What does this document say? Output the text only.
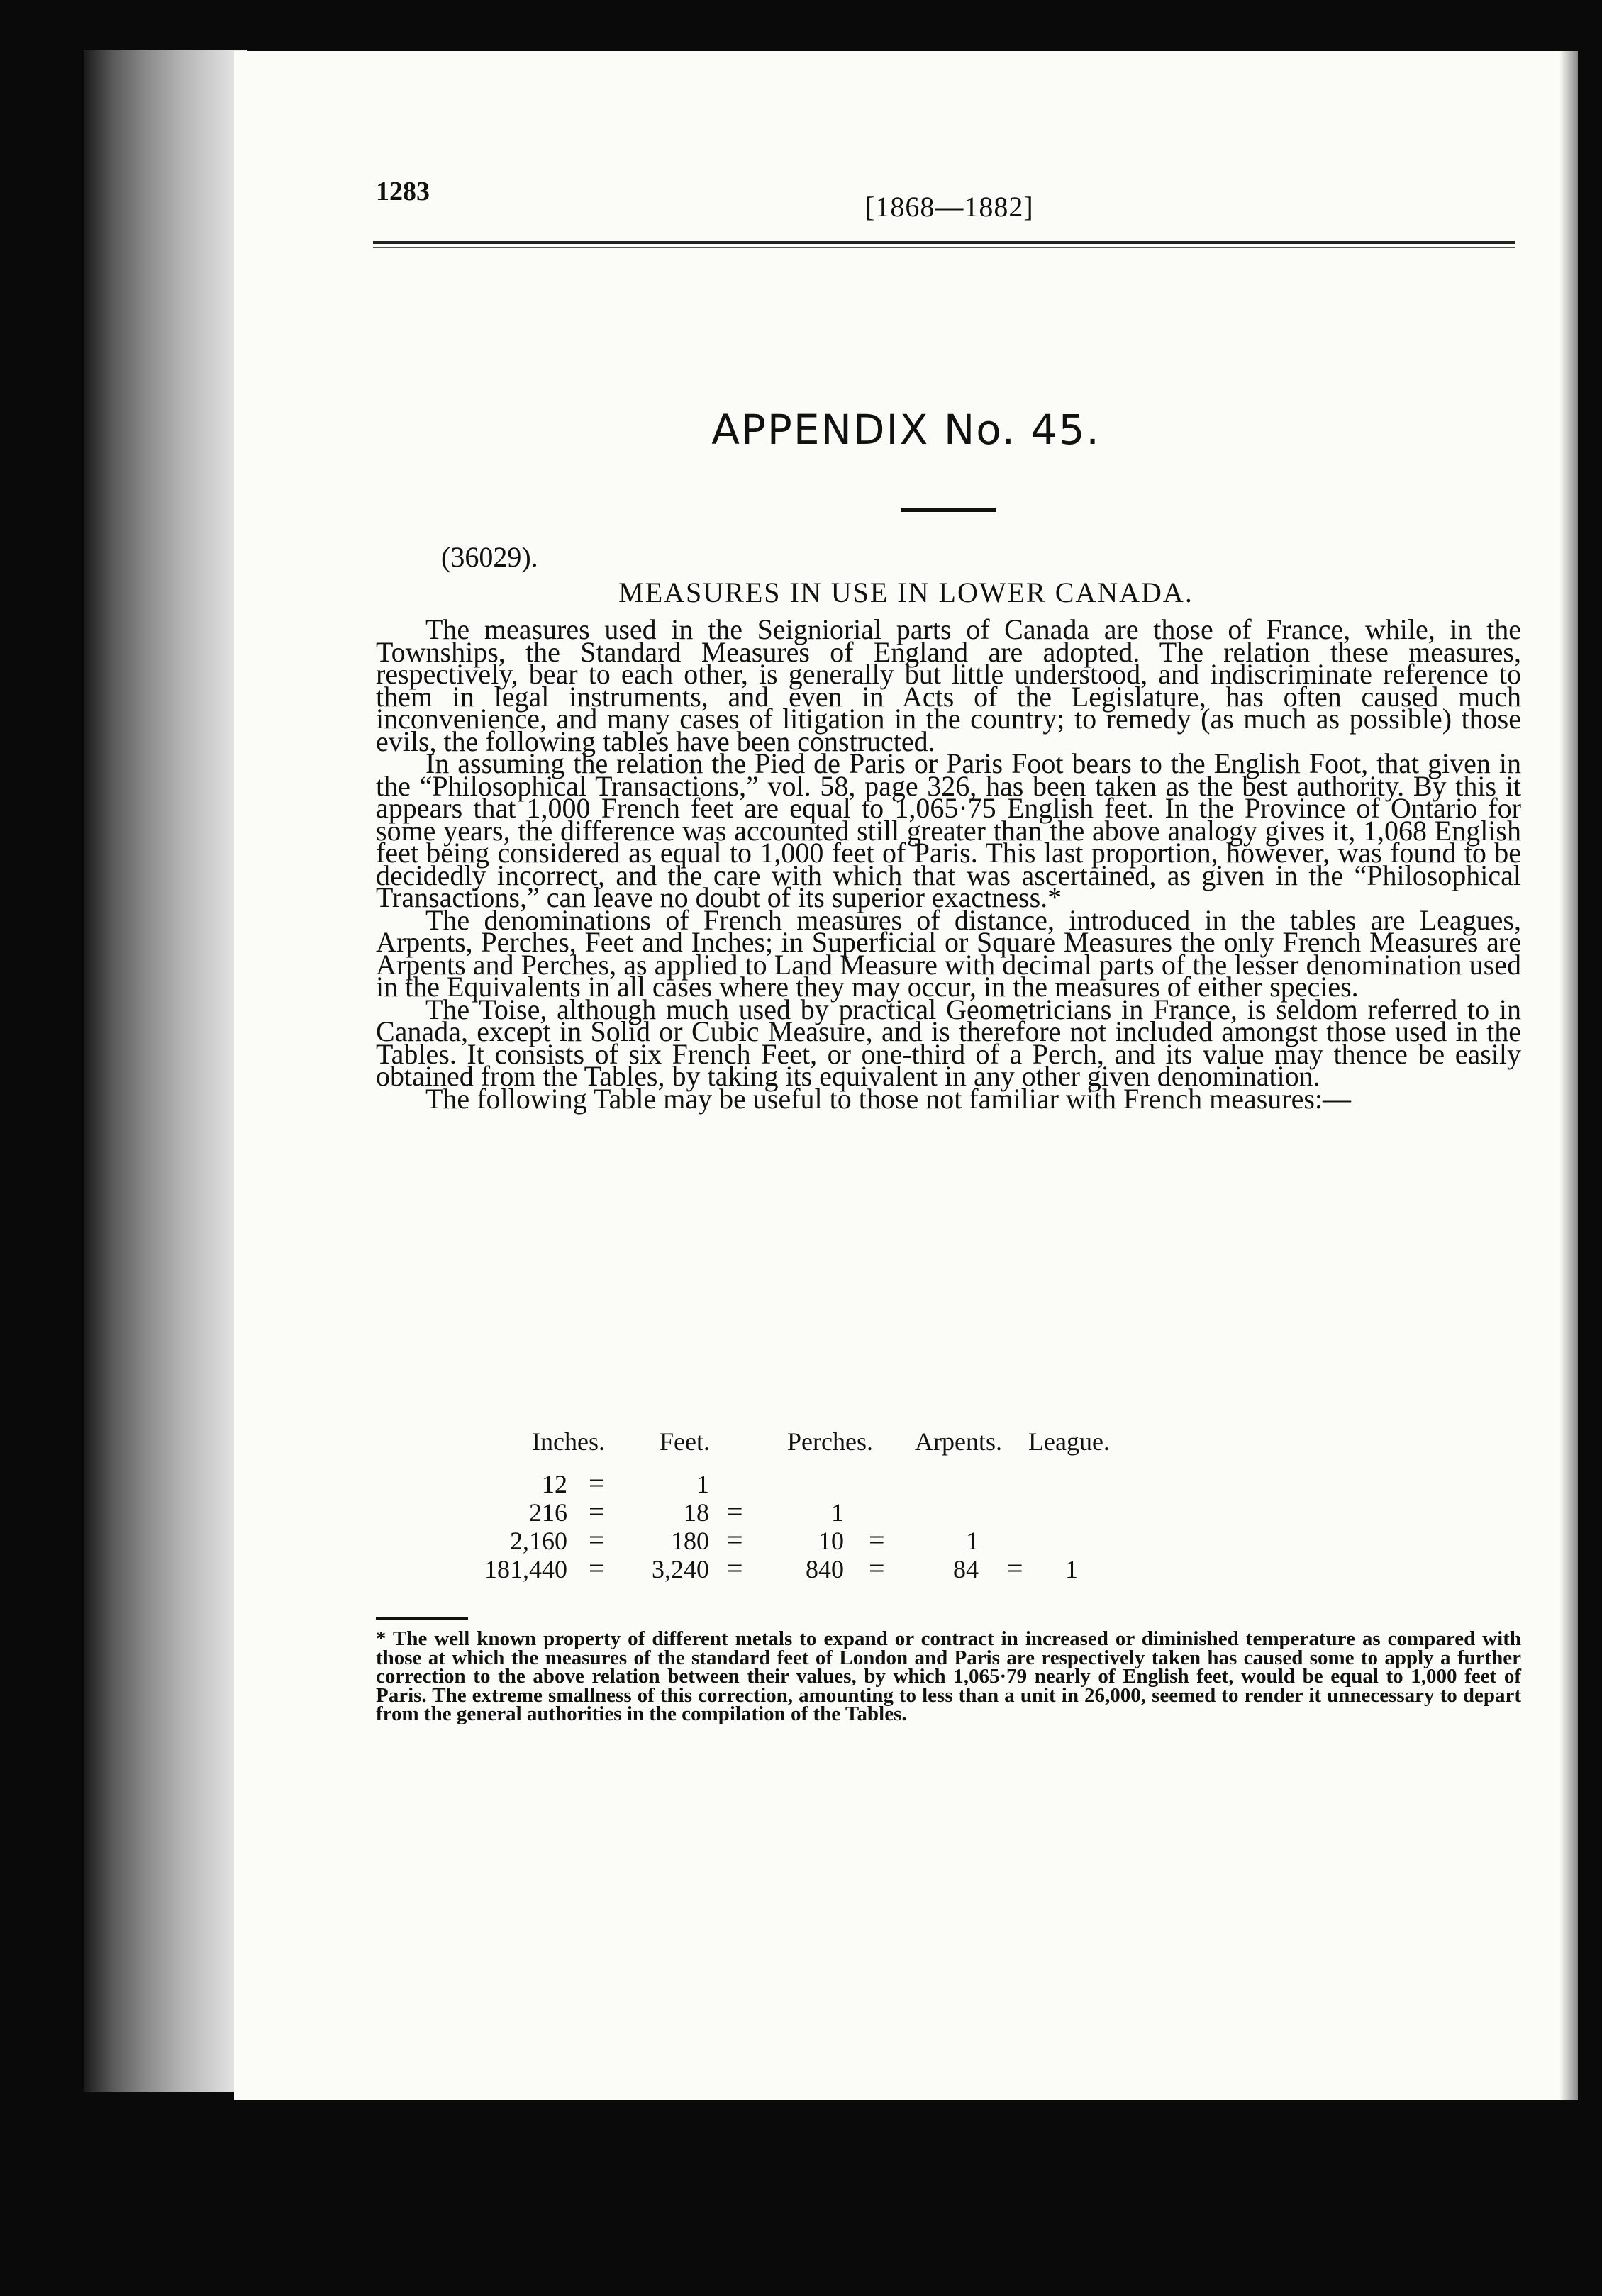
1283	[1868—1882]
APPENDIX No. 45.
(36029).
MEASURES IN USE IN LOWER CANADA.

The measures used in the Seigniorial parts of Canada are those of France, while, in the Townships, the Standard Measures of England are adopted. The relation these measures, respectively, bear to each other, is generally but little understood, and indiscriminate reference to them in legal instruments, and even in Acts of the Legislature, has often caused much inconvenience, and many cases of litigation in the country; to remedy (as much as possible) those evils, the following tables have been constructed.

In assuming the relation the Pied de Paris or Paris Foot bears to the English Foot, that given in the “Philosophical Transactions,” vol. 58, page 326, has been taken as the best authority. By this it appears that 1,000 French feet are equal to 1,065·75 English feet. In the Province of Ontario for some years, the difference was accounted still greater than the above analogy gives it, 1,068 English feet being considered as equal to 1,000 feet of Paris. This last proportion, however, was found to be decidedly incorrect, and the care with which that was ascertained, as given in the “Philosophical Transactions,” can leave no doubt of its superior exactness.*

The denominations of French measures of distance, introduced in the tables are Leagues, Arpents, Perches, Feet and Inches; in Superficial or Square Measures the only French Measures are Arpents and Perches, as applied to Land Measure with decimal parts of the lesser denomination used in the Equivalents in all cases where they may occur, in the measures of either species.

The Toise, although much used by practical Geometricians in France, is seldom referred to in Canada, except in Solid or Cubic Measure, and is therefore not included amongst those used in the Tables. It consists of six French Feet, or one-third of a Perch, and its value may thence be easily obtained from the Tables, by taking its equivalent in any other given denomination.

The following Table may be useful to those not familiar with French measures:—

Inches. Feet.	Perches. Arpents. League.
12 =	1
216 =	18 =	1
2,160 =	180 =	10 =	1
181,440 =	3,240 =	840 =	84 =	1
* The well known property of different metals to expand or contract in increased or diminished temperature as compared with those at which the measures of the standard feet of London and Paris are respectively taken has caused some to apply a further correction to the above relation between their values, by which 1,065·79 nearly of English feet, would be equal to 1,000 feet of Paris. The extreme smallness of this correction, amounting to less than a unit in 26,000, seemed to render it unnecessary to depart from the general authorities in the compilation of the Tables.
